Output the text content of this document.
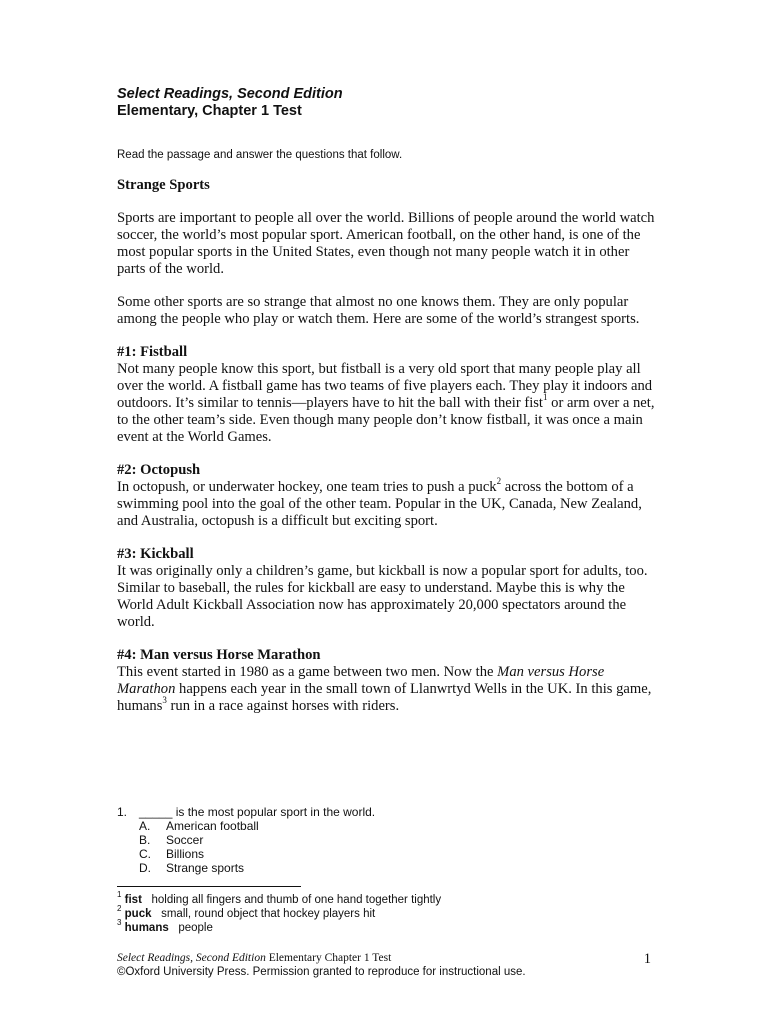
Select Readings, Second Edition
Elementary, Chapter 1 Test
Read the passage and answer the questions that follow.

Strange Sports

Sports are important to people all over the world. Billions of people around the world watch soccer, the world’s most popular sport. American football, on the other hand, is one of the most popular sports in the United States, even though not many people watch it in other parts of the world.

Some other sports are so strange that almost no one knows them. They are only popular among the people who play or watch them. Here are some of the world’s strangest sports.

#1: Fistball
Not many people know this sport, but fistball is a very old sport that many people play all over the world. A fistball game has two teams of five players each. They play it indoors and outdoors. It’s similar to tennis—players have to hit the ball with their fist$^1$ or arm over a net, to the other team’s side. Even though many people don’t know fistball, it was once a main event at the World Games.

#2: Octopush
In octopush, or underwater hockey, one team tries to push a puck$^2$ across the bottom of a swimming pool into the goal of the other team. Popular in the UK, Canada, New Zealand, and Australia, octopush is a difficult but exciting sport.

#3: Kickball
It was originally only a children’s game, but kickball is now a popular sport for adults, too. Similar to baseball, the rules for kickball are easy to understand. Maybe this is why the World Adult Kickball Association now has approximately 20,000 spectators around the world.

#4: Man versus Horse Marathon
This event started in 1980 as a game between two men. Now the Man versus Horse Marathon happens each year in the small town of Llanwrtyd Wells in the UK. In this game, humans$^3$ run in a race against horses with riders.

1. _____ is the most popular sport in the world.
A.	American football
B.	Soccer
C.	Billions
D.	Strange sports
$^1$ fist holding all fingers and thumb of one hand together tightly
$^2$ puck small, round object that hockey players hit
$^3$ humans people
Select Readings, Second Edition Elementary Chapter 1 Test
©Oxford University Press. Permission granted to reproduce for instructional use.
1
